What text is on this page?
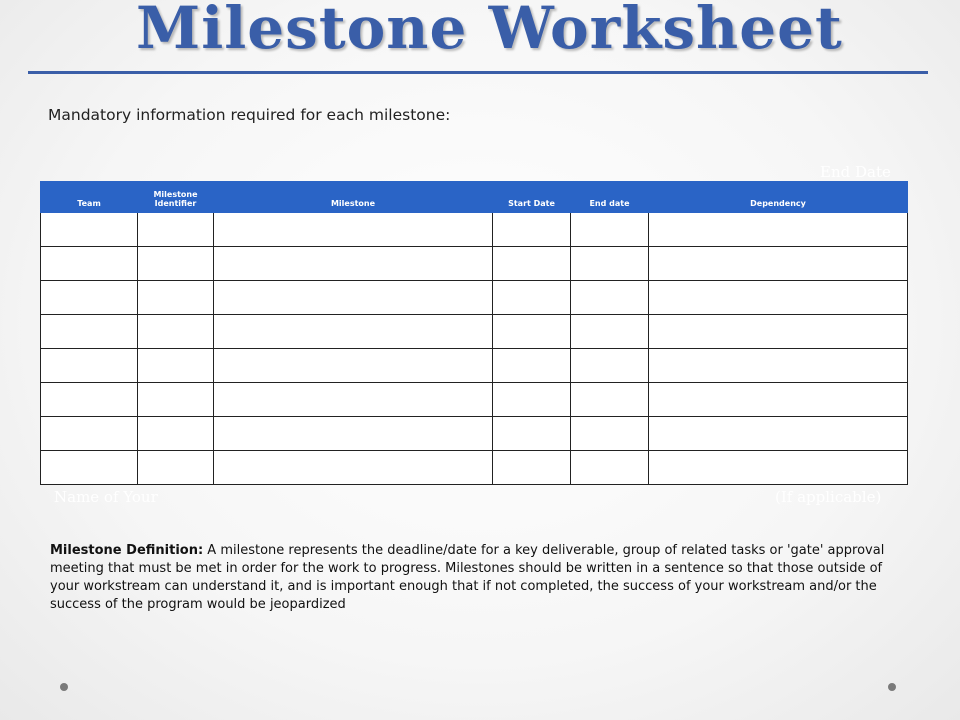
Milestone Worksheet

Mandatory information required for each milestone:

End Date
Team	Milestone Identifier	Milestone	Start Date	End date	Dependency

Name of Your	(If applicable)

Milestone Definition: A milestone represents the deadline/date for a key deliverable, group of related tasks or 'gate' approval meeting that must be met in order for the work to progress. Milestones should be written in a sentence so that those outside of your workstream can understand it, and is important enough that if not completed, the success of your workstream and/or the success of the program would be jeopardized
